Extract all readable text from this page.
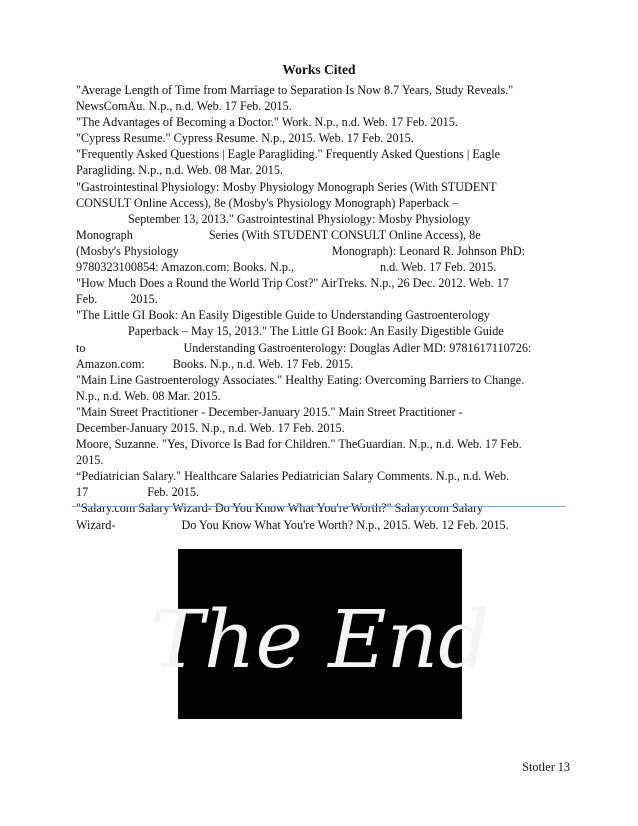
Works Cited
"Average Length of Time from Marriage to Separation Is Now 8.7 Years, Study Reveals."
NewsComAu. N.p., n.d. Web. 17 Feb. 2015.
"The Advantages of Becoming a Doctor." Work. N.p., n.d. Web. 17 Feb. 2015.
"Cypress Resume." Cypress Resume. N.p., 2015. Web. 17 Feb. 2015.
"Frequently Asked Questions | Eagle Paragliding." Frequently Asked Questions | Eagle
Paragliding. N.p., n.d. Web. 08 Mar. 2015.
"Gastrointestinal Physiology: Mosby Physiology Monograph Series (With STUDENT
CONSULT Online Access), 8e (Mosby's Physiology Monograph) Paperback –
September 13, 2013." Gastrointestinal Physiology: Mosby Physiology
Monograph	Series (With STUDENT CONSULT Online Access), 8e
(Mosby's Physiology	Monograph): Leonard R. Johnson PhD:
9780323100854: Amazon.com: Books. N.p.,	n.d. Web. 17 Feb. 2015.
"How Much Does a Round the World Trip Cost?" AirTreks. N.p., 26 Dec. 2012. Web. 17
Feb.	2015.
"The Little GI Book: An Easily Digestible Guide to Understanding Gastroenterology
Paperback – May 15, 2013." The Little GI Book: An Easily Digestible Guide
to	Understanding Gastroenterology: Douglas Adler MD: 9781617110726:
Amazon.com: Books. N.p., n.d. Web. 17 Feb. 2015.
"Main Line Gastroenterology Associates." Healthy Eating: Overcoming Barriers to Change.
N.p., n.d. Web. 08 Mar. 2015.
"Main Street Practitioner - December-January 2015." Main Street Practitioner -
December-January 2015. N.p., n.d. Web. 17 Feb. 2015.
Moore, Suzanne. "Yes, Divorce Is Bad for Children." TheGuardian. N.p., n.d. Web. 17 Feb.
2015.
“Pediatrician Salary." Healthcare Salaries Pediatrician Salary Comments. N.p., n.d. Web.
17	Feb. 2015.
"Salary.com Salary Wizard- Do You Know What You're Worth?" Salary.com Salary
Wizard-	Do You Know What You're Worth? N.p., 2015. Web. 12 Feb. 2015.
The End
Stotler 13
